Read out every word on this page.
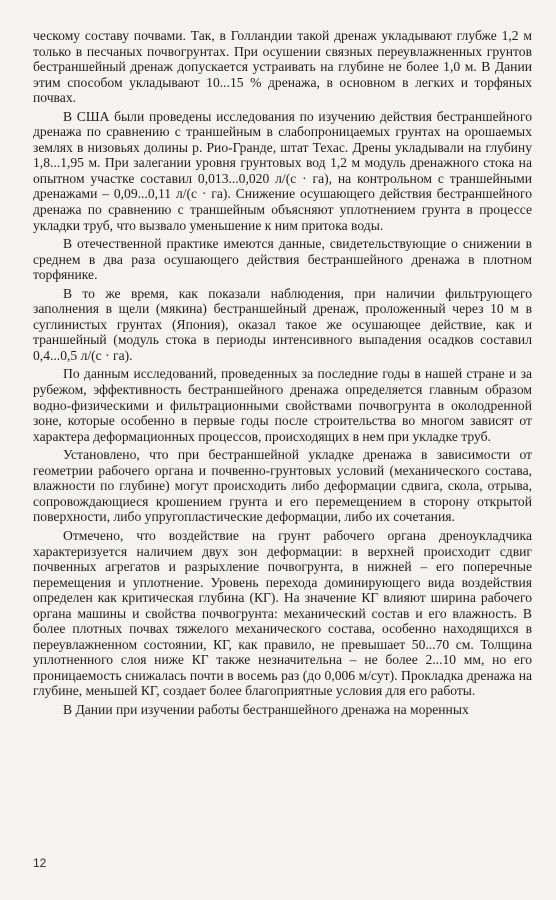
ческому составу почвами. Так, в Голландии такой дренаж укладывают глубже 1,2 м только в песчаных почвогрунтах. При осушении связных переувлажненных грунтов бестраншейный дренаж допускается устраивать на глубине не более 1,0 м. В Дании этим способом укладывают 10...15 % дренажа, в основном в легких и торфяных почвах.

В США были проведены исследования по изучению действия бестраншейного дренажа по сравнению с траншейным в слабопроницаемых грунтах на орошаемых землях в низовьях долины р. Рио-Гранде, штат Техас. Дрены укладывали на глубину 1,8...1,95 м. При залегании уровня грунтовых вод 1,2 м модуль дренажного стока на опытном участке составил 0,013...0,020 л/(с · га), на контрольном с траншейными дренажами – 0,09...0,11 л/(с · га). Снижение осушающего действия бестраншейного дренажа по сравнению с траншейным объясняют уплотнением грунта в процессе укладки труб, что вызвало уменьшение к ним притока воды.

В отечественной практике имеются данные, свидетельствующие о снижении в среднем в два раза осушающего действия бестраншейного дренажа в плотном торфянике.

В то же время, как показали наблюдения, при наличии фильтрующего заполнения в щели (мякина) бестраншейный дренаж, проложенный через 10 м в суглинистых грунтах (Япония), оказал такое же осушающее действие, как и траншейный (модуль стока в периоды интенсивного выпадения осадков составил 0,4...0,5 л/(с · га).

По данным исследований, проведенных за последние годы в нашей стране и за рубежом, эффективность бестраншейного дренажа определяется главным образом водно-физическими и фильтрационными свойствами почвогрунта в околодренной зоне, которые особенно в первые годы после строительства во многом зависят от характера деформационных процессов, происходящих в нем при укладке труб.

Установлено, что при бестраншейной укладке дренажа в зависимости от геометрии рабочего органа и почвенно-грунтовых условий (механического состава, влажности по глубине) могут происходить либо деформации сдвига, скола, отрыва, сопровождающиеся крошением грунта и его перемещением в сторону открытой поверхности, либо упругопластические деформации, либо их сочетания.

Отмечено, что воздействие на грунт рабочего органа дреноукладчика характеризуется наличием двух зон деформации: в верхней происходит сдвиг почвенных агрегатов и разрыхление почвогрунта, в нижней – его поперечные перемещения и уплотнение. Уровень перехода доминирующего вида воздействия определен как критическая глубина (КГ). На значение КГ влияют ширина рабочего органа машины и свойства почвогрунта: механический состав и его влажность. В более плотных почвах тяжелого механического состава, особенно находящихся в переувлажненном состоянии, КГ, как правило, не превышает 50...70 см. Толщина уплотненного слоя ниже КГ также незначительна – не более 2...10 мм, но его проницаемость снижалась почти в восемь раз (до 0,006 м/сут). Прокладка дренажа на глубине, меньшей КГ, создает более благоприятные условия для его работы.

В Дании при изучении работы бестраншейного дренажа на моренных

12
